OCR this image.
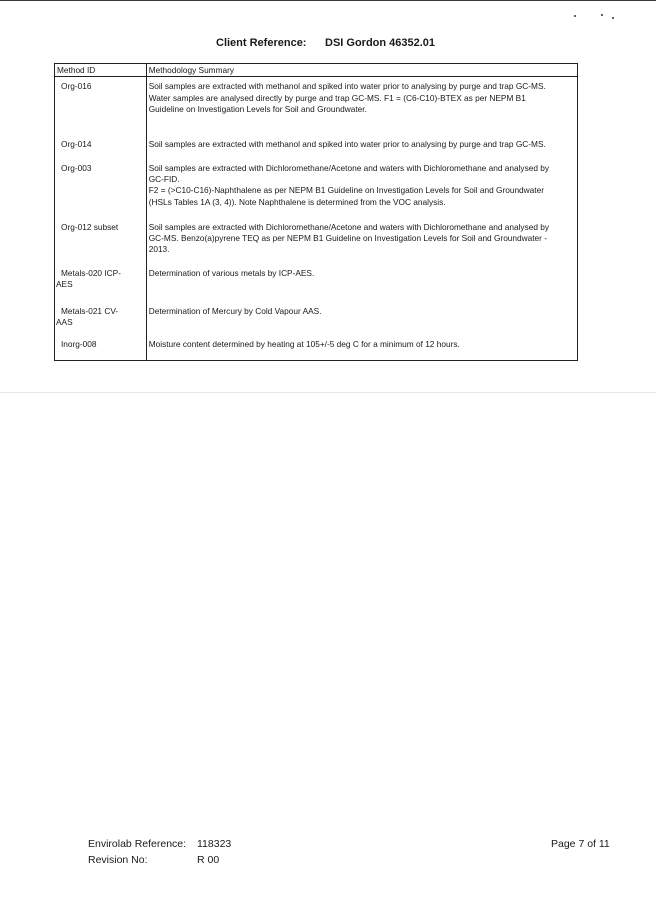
Client Reference: DSI Gordon 46352.01
Method ID	Methodology Summary

Org-016	Soil samples are extracted with methanol and spiked into water prior to analysing by purge and trap GC-MS.
Water samples are analysed directly by purge and trap GC-MS. F1 = (C6-C10)-BTEX as per NEPM B1
Guideline on Investigation Levels for Soil and Groundwater.

Org-014	Soil samples are extracted with methanol and spiked into water prior to analysing by purge and trap GC-MS.

Org-003	Soil samples are extracted with Dichloromethane/Acetone and waters with Dichloromethane and analysed by
GC-FID.
F2 = (>C10-C16)-Naphthalene as per NEPM B1 Guideline on Investigation Levels for Soil and Groundwater
(HSLs Tables 1A (3, 4)). Note Naphthalene is determined from the VOC analysis.

Org-012 subset	Soil samples are extracted with Dichloromethane/Acetone and waters with Dichloromethane and analysed by
GC-MS. Benzo(a)pyrene TEQ as per NEPM B1 Guideline on Investigation Levels for Soil and Groundwater -
2013.

Metals-020 ICP-
AES	Determination of various metals by ICP-AES.

Metals-021 CV-
AAS	Determination of Mercury by Cold Vapour AAS.

Inorg-008	Moisture content determined by heating at 105+/-5 deg C for a minimum of 12 hours.
Envirolab Reference: 118323
Revision No:	R 00
Page 7 of 11
